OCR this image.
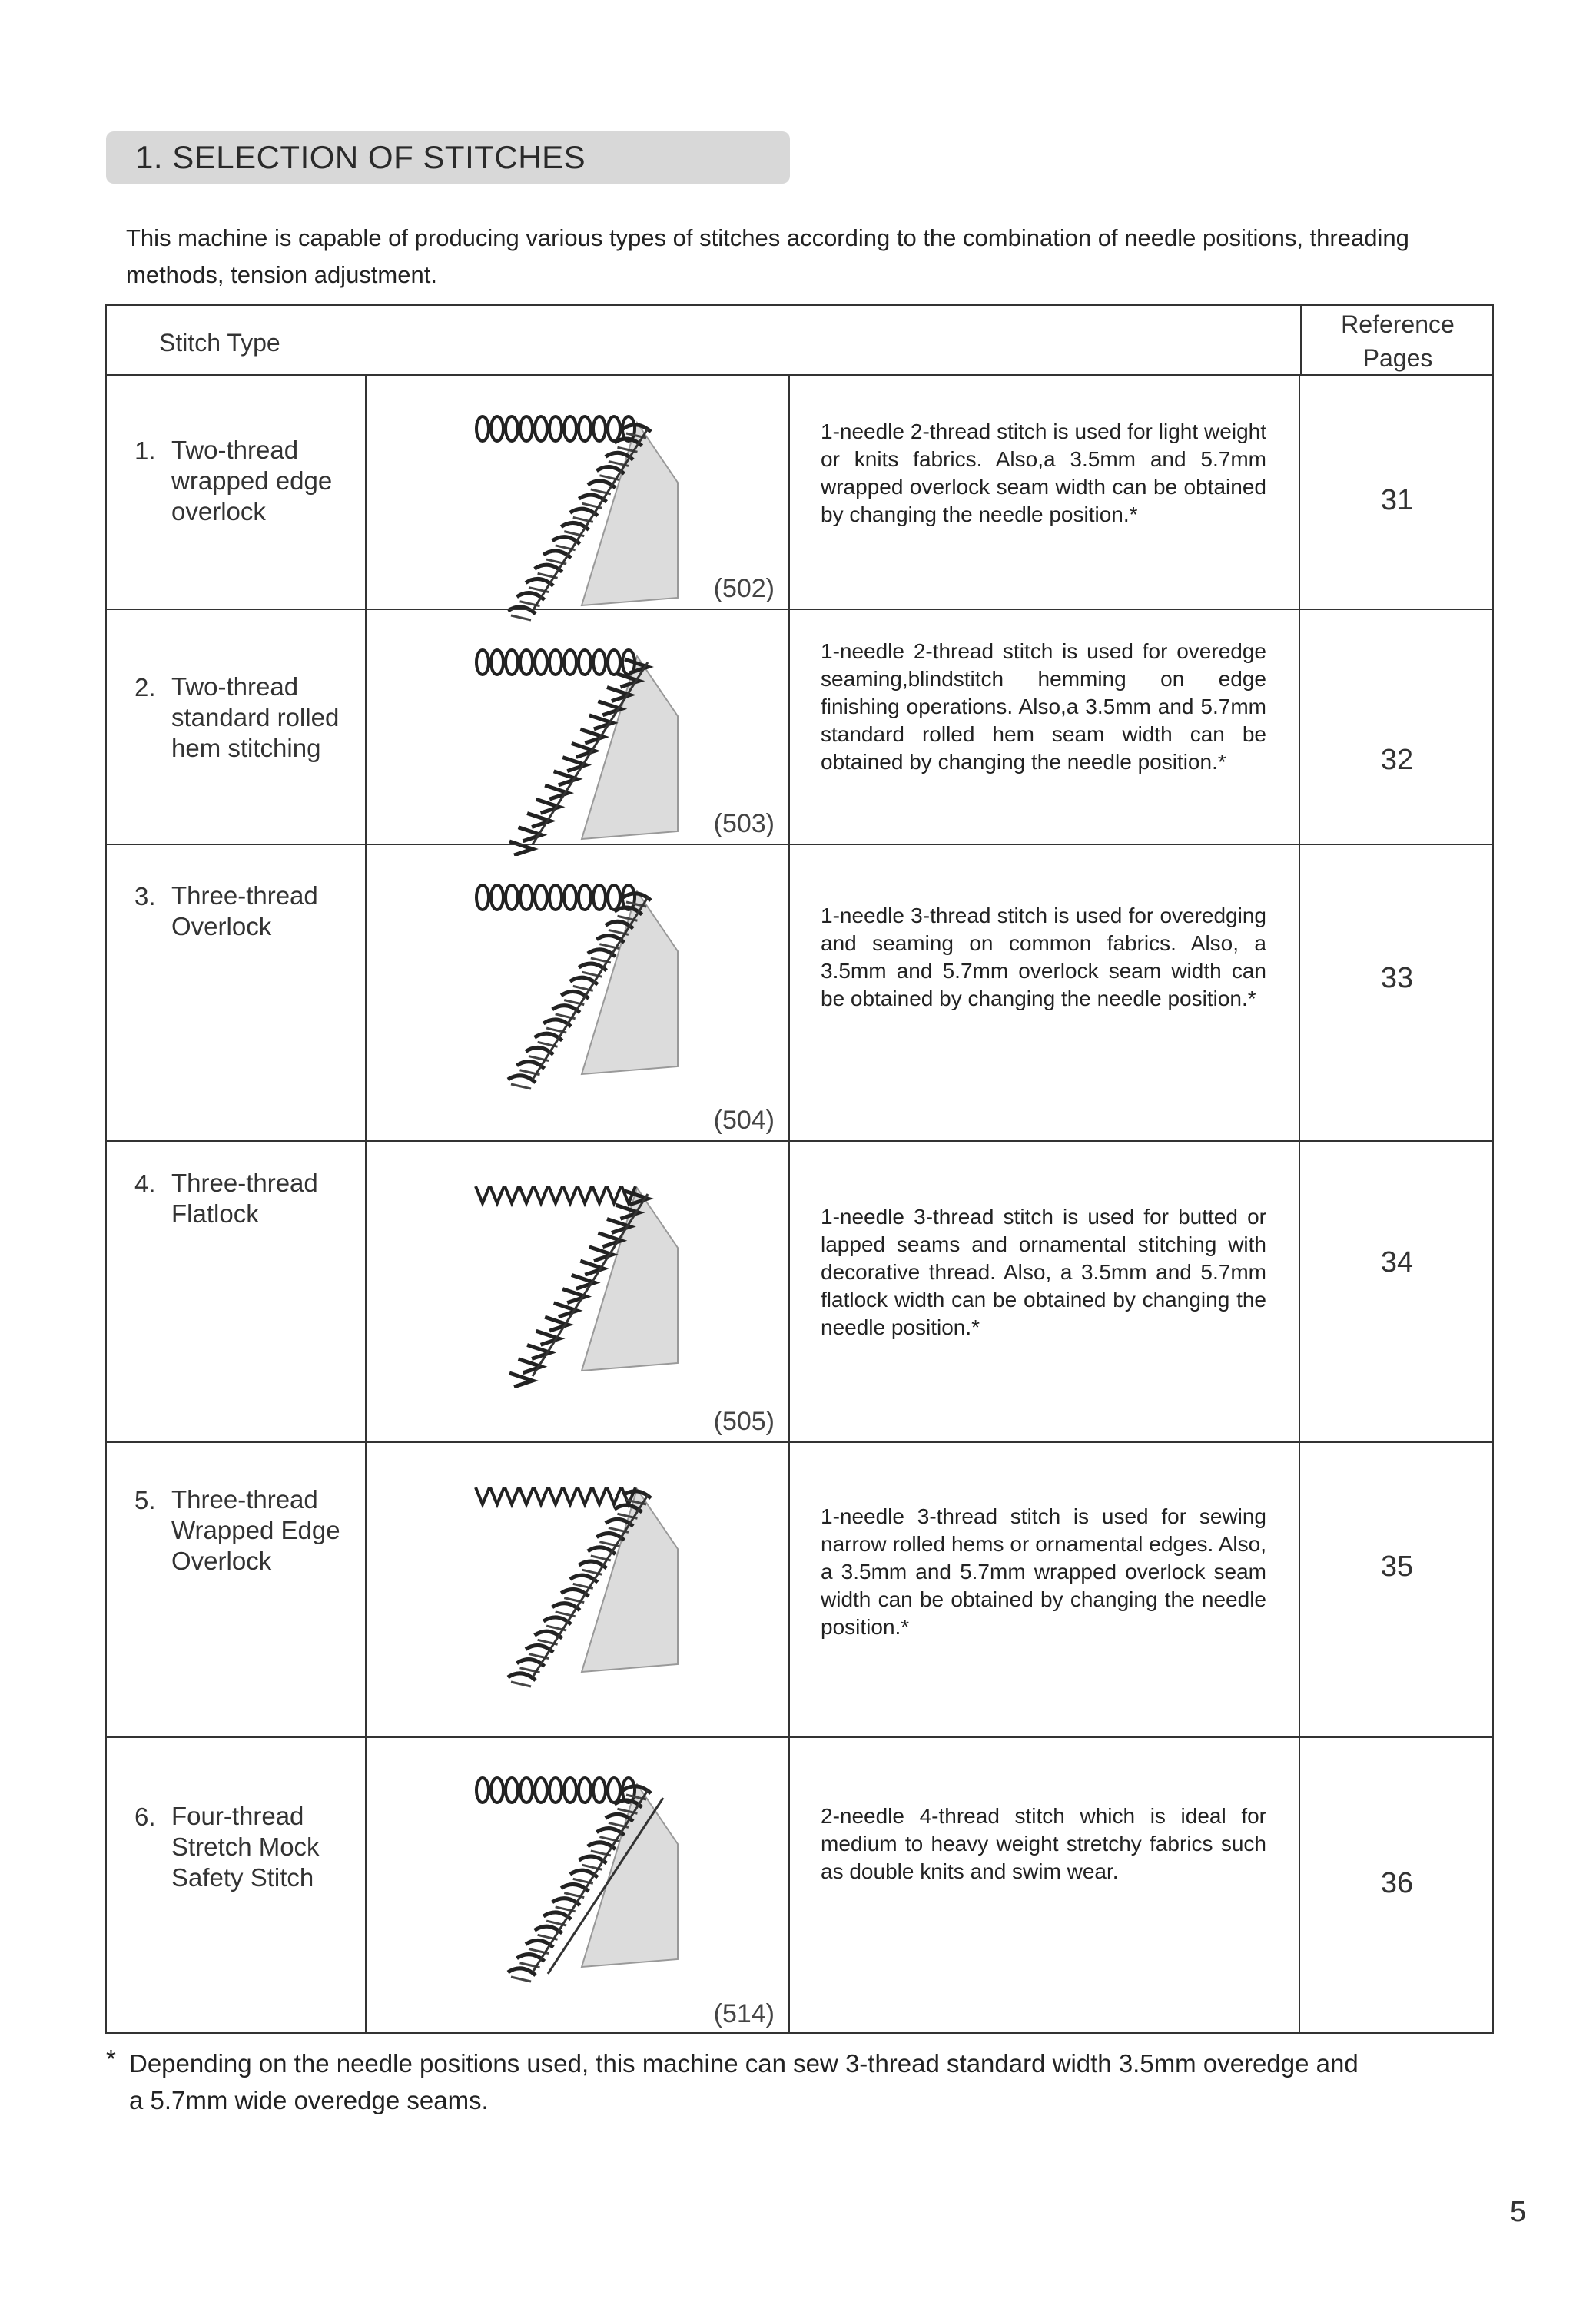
1. SELECTION OF STITCHES
This machine is capable of producing various types of stitches according to the combination of needle positions, threading methods, tension adjustment.
Stitch Type
Reference
Pages
1. Two-thread
wrapped edge
overlock
(502)
1-needle 2-thread stitch is used for light weight or knits fabrics. Also,a 3.5mm and 5.7mm wrapped overlock seam width can be obtained by changing the needle position.*	31
2. Two-thread
standard rolled
hem stitching
(503)
1-needle 2-thread stitch is used for overedge seaming,blindstitch hemming on edge finishing operations. Also,a 3.5mm and 5.7mm standard rolled hem seam width can be obtained by changing the needle position.*	32
3. Three-thread
Overlock
(504)
1-needle 3-thread stitch is used for overedging and seaming on common fabrics. Also, a 3.5mm and 5.7mm overlock seam width can be obtained by changing the needle position.*
33
4. Three-thread
Flatlock
(505)
1-needle 3-thread stitch is used for butted or lapped seams and ornamental stitching with decorative thread. Also, a 3.5mm and 5.7mm flatlock width can be obtained by changing the needle position.*
34
5. Three-thread
Wrapped Edge
Overlock
1-needle 3-thread stitch is used for sewing narrow rolled hems or ornamental edges. Also, a 3.5mm and 5.7mm wrapped overlock seam width can be obtained by changing the needle position.*
35
6. Four-thread
Stretch Mock
Safety Stitch
(514)
2-needle 4-thread stitch which is ideal for medium to heavy weight stretchy fabrics such as double knits and swim wear.	36
* Depending on the needle positions used, this machine can sew 3-thread standard width 3.5mm overedge and

a 5.7mm wide overedge seams.

5
